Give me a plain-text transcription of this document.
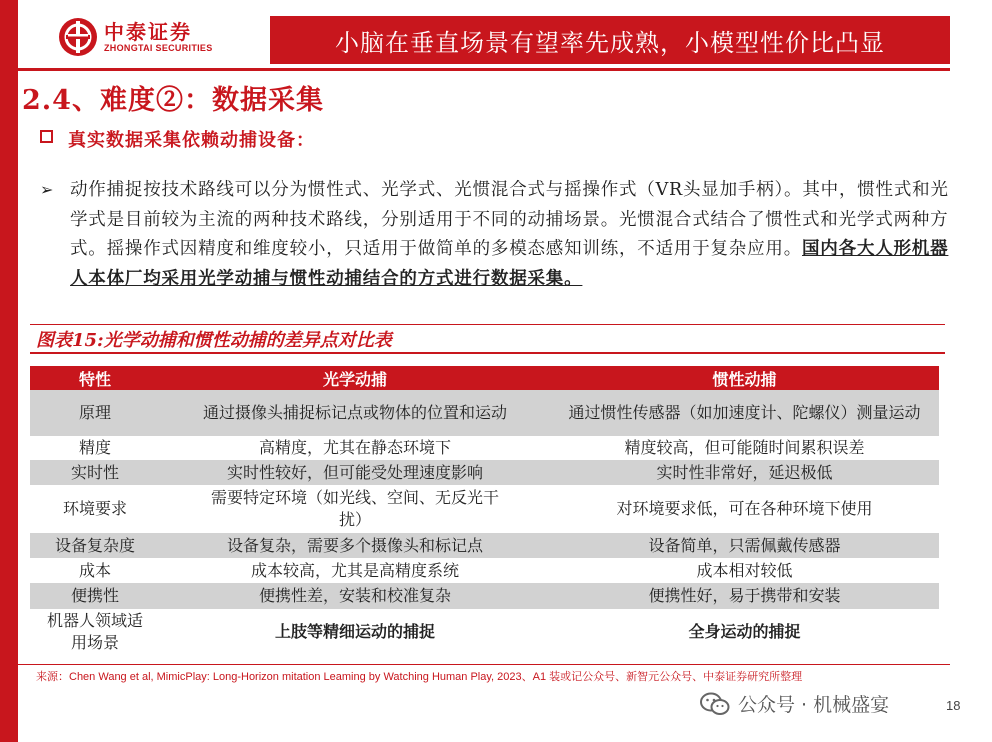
中泰证券
ZHONGTAI SECURITIES	小脑在垂直场景有望率先成熟，小模型性价比凸显
2.4、难度②：数据采集
真实数据采集依赖动捕设备：
➢ 动作捕捉按技术路线可以分为惯性式、光学式、光惯混合式与摇操作式（VR头显加手柄）。其中，惯性式和光学式是目前较为主流的两种技术路线，分别适用于不同的动捕场景。光惯混合式结合了惯性式和光学式两种方式。摇操作式因精度和维度较小，只适用于做简单的多模态感知训练，不适用于复杂应用。国内各大人形机器人本体厂均采用光学动捕与惯性动捕结合的方式进行数据采集。
图表15:光学动捕和惯性动捕的差异点对比表
特性	光学动捕	惯性动捕
原理	通过摄像头捕捉标记点或物体的位置和运动	通过惯性传感器（如加速度计、陀螺仪）测量运动
精度	高精度，尤其在静态环境下	精度较高，但可能随时间累积误差
实时性	实时性较好，但可能受处理速度影响	实时性非常好，延迟极低
环境要求	需要特定环境（如光线、空间、无反光干扰）	对环境要求低，可在各种环境下使用
设备复杂度	设备复杂，需要多个摄像头和标记点	设备简单，只需佩戴传感器
成本	成本较高，尤其是高精度系统	成本相对较低
便携性	便携性差，安装和校准复杂	便携性好，易于携带和安装
机器人领域适用场景	上肢等精细运动的捕捉	全身运动的捕捉
来源：Chen Wang et al, MimicPlay: Long-Horizon mitation Leaming by Watching Human Play, 2023、A1 装或记公众号、新智元公众号、中泰证券研究所整理
公众号 · 机械盛宴	18
